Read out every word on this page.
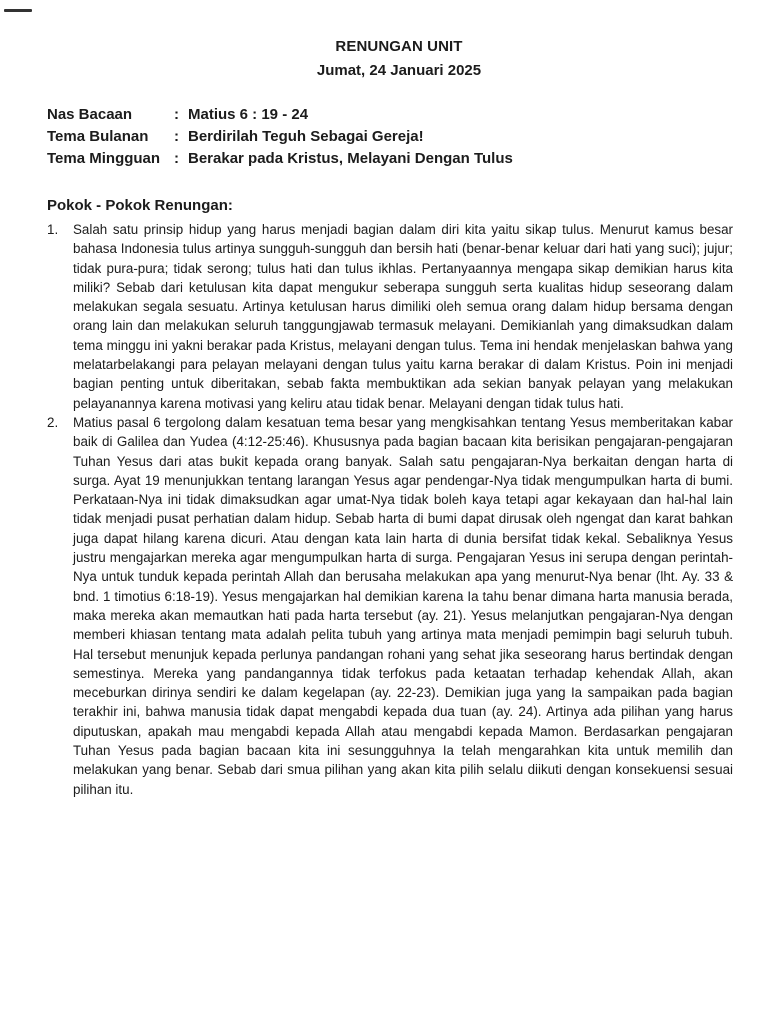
RENUNGAN UNIT
Jumat, 24 Januari 2025
Nas Bacaan	: Matius 6 : 19 - 24
Tema Bulanan	: Berdirilah Teguh Sebagai Gereja!
Tema Mingguan : Berakar pada Kristus, Melayani Dengan Tulus
Pokok - Pokok Renungan:
1.	Salah satu prinsip hidup yang harus menjadi bagian dalam diri kita yaitu sikap tulus. Menurut kamus besar bahasa Indonesia tulus artinya sungguh-sungguh dan bersih hati (benar-benar keluar dari hati yang suci); jujur; tidak pura-pura; tidak serong; tulus hati dan tulus ikhlas. Pertanyaannya mengapa sikap demikian harus kita miliki? Sebab dari ketulusan kita dapat mengukur seberapa sungguh serta kualitas hidup seseorang dalam melakukan segala sesuatu. Artinya ketulusan harus dimiliki oleh semua orang dalam hidup bersama dengan orang lain dan melakukan seluruh tanggungjawab termasuk melayani. Demikianlah yang dimaksudkan dalam tema minggu ini yakni berakar pada Kristus, melayani dengan tulus. Tema ini hendak menjelaskan bahwa yang melatarbelakangi para pelayan melayani dengan tulus yaitu karna berakar di dalam Kristus. Poin ini menjadi bagian penting untuk diberitakan, sebab fakta membuktikan ada sekian banyak pelayan yang melakukan pelayanannya karena motivasi yang keliru atau tidak benar. Melayani dengan tidak tulus hati.
2.	Matius pasal 6 tergolong dalam kesatuan tema besar yang mengkisahkan tentang Yesus memberitakan kabar baik di Galilea dan Yudea (4:12-25:46). Khususnya pada bagian bacaan kita berisikan pengajaran-pengajaran Tuhan Yesus dari atas bukit kepada orang banyak. Salah satu pengajaran-Nya berkaitan dengan harta di surga. Ayat 19 menunjukkan tentang larangan Yesus agar pendengar-Nya tidak mengumpulkan harta di bumi. Perkataan-Nya ini tidak dimaksudkan agar umat-Nya tidak boleh kaya tetapi agar kekayaan dan hal-hal lain tidak menjadi pusat perhatian dalam hidup. Sebab harta di bumi dapat dirusak oleh ngengat dan karat bahkan juga dapat hilang karena dicuri. Atau dengan kata lain harta di dunia bersifat tidak kekal. Sebaliknya Yesus justru mengajarkan mereka agar mengumpulkan harta di surga. Pengajaran Yesus ini serupa dengan perintah-Nya untuk tunduk kepada perintah Allah dan berusaha melakukan apa yang menurut-Nya benar (lht. Ay. 33 & bnd. 1 timotius 6:18-19). Yesus mengajarkan hal demikian karena Ia tahu benar dimana harta manusia berada, maka mereka akan memautkan hati pada harta tersebut (ay. 21). Yesus melanjutkan pengajaran-Nya dengan memberi khiasan tentang mata adalah pelita tubuh yang artinya mata menjadi pemimpin bagi seluruh tubuh. Hal tersebut menunjuk kepada perlunya pandangan rohani yang sehat jika seseorang harus bertindak dengan semestinya. Mereka yang pandangannya tidak terfokus pada ketaatan terhadap kehendak Allah, akan meceburkan dirinya sendiri ke dalam kegelapan (ay. 22-23). Demikian juga yang Ia sampaikan pada bagian terakhir ini, bahwa manusia tidak dapat mengabdi kepada dua tuan (ay. 24). Artinya ada pilihan yang harus diputuskan, apakah mau mengabdi kepada Allah atau mengabdi kepada Mamon. Berdasarkan pengajaran Tuhan Yesus pada bagian bacaan kita ini sesungguhnya Ia telah mengarahkan kita untuk memilih dan melakukan yang benar. Sebab dari smua pilihan yang akan kita pilih selalu diikuti dengan konsekuensi sesuai pilihan itu.
